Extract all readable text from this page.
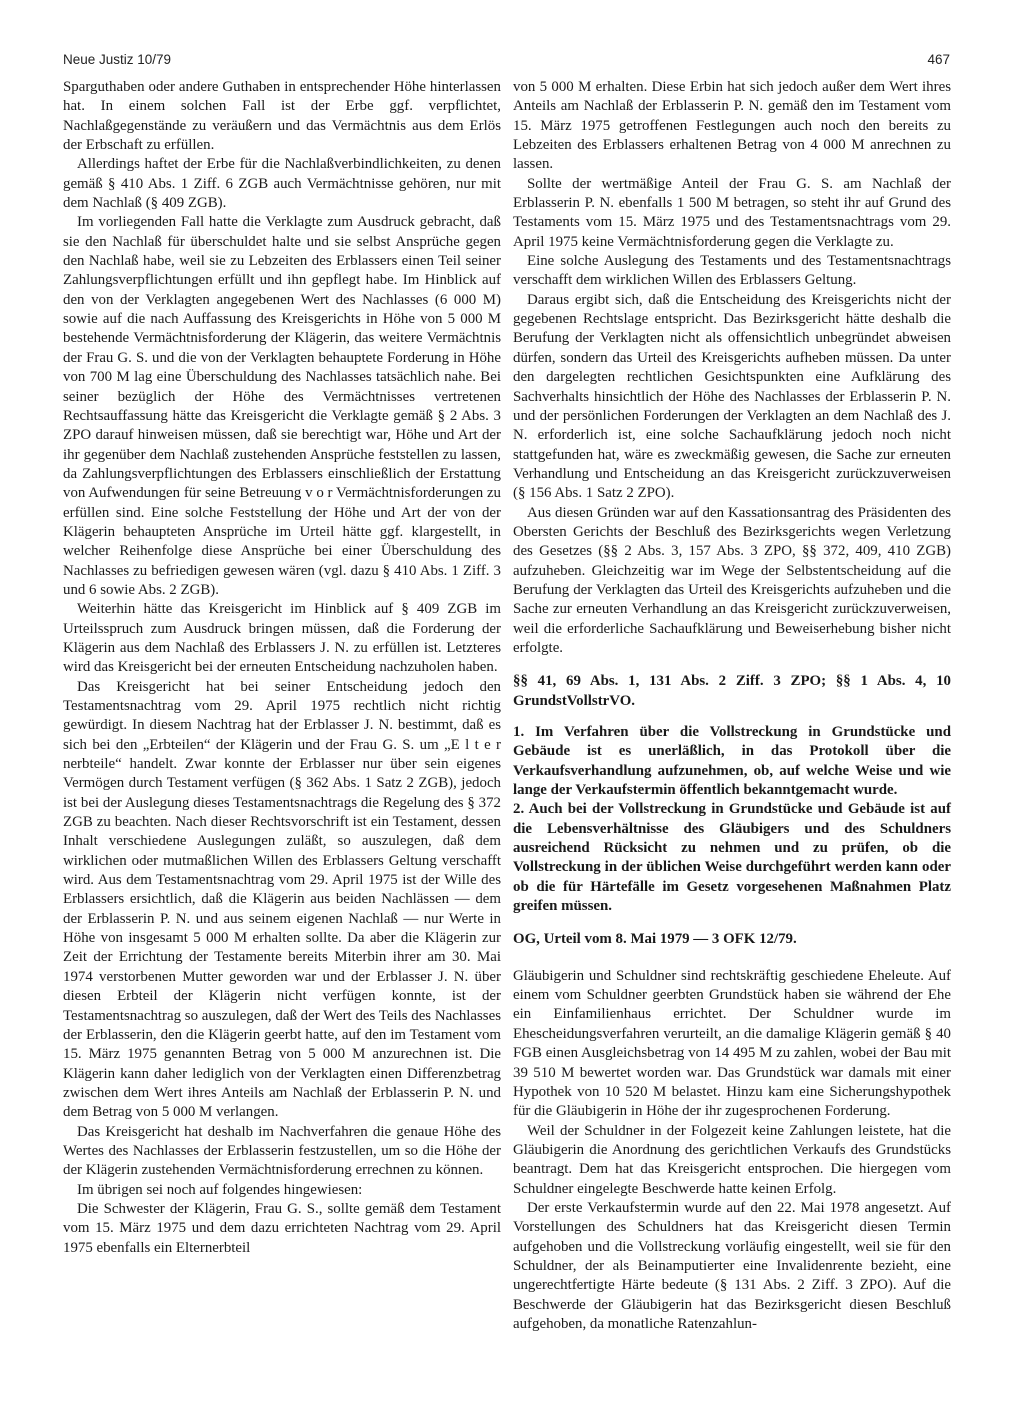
Neue Justiz 10/79	467

Sparguthaben oder andere Guthaben in entsprechender Höhe hinterlassen hat. In einem solchen Fall ist der Erbe ggf. verpflichtet, Nachlaßgegenstände zu veräußern und das Vermächtnis aus dem Erlös der Erbschaft zu erfüllen.

Allerdings haftet der Erbe für die Nachlaßverbindlichkeiten, zu denen gemäß § 410 Abs. 1 Ziff. 6 ZGB auch Vermächtnisse gehören, nur mit dem Nachlaß (§ 409 ZGB).

Im vorliegenden Fall hatte die Verklagte zum Ausdruck gebracht, daß sie den Nachlaß für überschuldet halte und sie selbst Ansprüche gegen den Nachlaß habe, weil sie zu Lebzeiten des Erblassers einen Teil seiner Zahlungsverpflichtungen erfüllt und ihn gepflegt habe. Im Hinblick auf den von der Verklagten angegebenen Wert des Nachlasses (6 000 M) sowie auf die nach Auffassung des Kreisgerichts in Höhe von 5 000 M bestehende Vermächtnisforderung der Klägerin, das weitere Vermächtnis der Frau G. S. und die von der Verklagten behauptete Forderung in Höhe von 700 M lag eine Überschuldung des Nachlasses tatsächlich nahe. Bei seiner bezüglich der Höhe des Vermächtnisses vertretenen Rechtsauffassung hätte das Kreisgericht die Verklagte gemäß § 2 Abs. 3 ZPO darauf hinweisen müssen, daß sie berechtigt war, Höhe und Art der ihr gegenüber dem Nachlaß zustehenden Ansprüche feststellen zu lassen, da Zahlungsverpflichtungen des Erblassers einschließlich der Erstattung von Aufwendungen für seine Betreuung v o r Vermächtnisforderungen zu erfüllen sind. Eine solche Feststellung der Höhe und Art der von der Klägerin behaupteten Ansprüche im Urteil hätte ggf. klargestellt, in welcher Reihenfolge diese Ansprüche bei einer Überschuldung des Nachlasses zu befriedigen gewesen wären (vgl. dazu § 410 Abs. 1 Ziff. 3 und 6 sowie Abs. 2 ZGB).

Weiterhin hätte das Kreisgericht im Hinblick auf § 409 ZGB im Urteilsspruch zum Ausdruck bringen müssen, daß die Forderung der Klägerin aus dem Nachlaß des Erblassers J. N. zu erfüllen ist. Letzteres wird das Kreisgericht bei der erneuten Entscheidung nachzuholen haben.

Das Kreisgericht hat bei seiner Entscheidung jedoch den Testamentsnachtrag vom 29. April 1975 rechtlich nicht richtig gewürdigt. In diesem Nachtrag hat der Erblasser J. N. bestimmt, daß es sich bei den „Erbteilen“ der Klägerin und der Frau G. S. um „E l t e r nerbteile“ handelt. Zwar konnte der Erblasser nur über sein eigenes Vermögen durch Testament verfügen (§ 362 Abs. 1 Satz 2 ZGB), jedoch ist bei der Auslegung dieses Testamentsnachtrags die Regelung des § 372 ZGB zu beachten. Nach dieser Rechtsvorschrift ist ein Testament, dessen Inhalt verschiedene Auslegungen zuläßt, so auszulegen, daß dem wirklichen oder mutmaßlichen Willen des Erblassers Geltung verschafft wird. Aus dem Testamentsnachtrag vom 29. April 1975 ist der Wille des Erblassers ersichtlich, daß die Klägerin aus beiden Nachlässen — dem der Erblasserin P. N. und aus seinem eigenen Nachlaß — nur Werte in Höhe von insgesamt 5 000 M erhalten sollte. Da aber die Klägerin zur Zeit der Errichtung der Testamente bereits Miterbin ihrer am 30. Mai 1974 verstorbenen Mutter geworden war und der Erblasser J. N. über diesen Erbteil der Klägerin nicht verfügen konnte, ist der Testamentsnachtrag so auszulegen, daß der Wert des Teils des Nachlasses der Erblasserin, den die Klägerin geerbt hatte, auf den im Testament vom 15. März 1975 genannten Betrag von 5 000 M anzurechnen ist. Die Klägerin kann daher lediglich von der Verklagten einen Differenzbetrag zwischen dem Wert ihres Anteils am Nachlaß der Erblasserin P. N. und dem Betrag von 5 000 M verlangen.

Das Kreisgericht hat deshalb im Nachverfahren die genaue Höhe des Wertes des Nachlasses der Erblasserin festzustellen, um so die Höhe der der Klägerin zustehenden Vermächtnisforderung errechnen zu können.

Im übrigen sei noch auf folgendes hingewiesen:

Die Schwester der Klägerin, Frau G. S., sollte gemäß dem Testament vom 15. März 1975 und dem dazu errichteten Nachtrag vom 29. April 1975 ebenfalls ein Elternerbteil

von 5 000 M erhalten. Diese Erbin hat sich jedoch außer dem Wert ihres Anteils am Nachlaß der Erblasserin P. N. gemäß den im Testament vom 15. März 1975 getroffenen Festlegungen auch noch den bereits zu Lebzeiten des Erblassers erhaltenen Betrag von 4 000 M anrechnen zu lassen.

Sollte der wertmäßige Anteil der Frau G. S. am Nachlaß der Erblasserin P. N. ebenfalls 1 500 M betragen, so steht ihr auf Grund des Testaments vom 15. März 1975 und des Testamentsnachtrags vom 29. April 1975 keine Vermächtnisforderung gegen die Verklagte zu.

Eine solche Auslegung des Testaments und des Testamentsnachtrags verschafft dem wirklichen Willen des Erblassers Geltung.

Daraus ergibt sich, daß die Entscheidung des Kreisgerichts nicht der gegebenen Rechtslage entspricht. Das Bezirksgericht hätte deshalb die Berufung der Verklagten nicht als offensichtlich unbegründet abweisen dürfen, sondern das Urteil des Kreisgerichts aufheben müssen. Da unter den dargelegten rechtlichen Gesichtspunkten eine Aufklärung des Sachverhalts hinsichtlich der Höhe des Nachlasses der Erblasserin P. N. und der persönlichen Forderungen der Verklagten an dem Nachlaß des J. N. erforderlich ist, eine solche Sachaufklärung jedoch noch nicht stattgefunden hat, wäre es zweckmäßig gewesen, die Sache zur erneuten Verhandlung und Entscheidung an das Kreisgericht zurückzuverweisen (§ 156 Abs. 1 Satz 2 ZPO).

Aus diesen Gründen war auf den Kassationsantrag des Präsidenten des Obersten Gerichts der Beschluß des Bezirksgerichts wegen Verletzung des Gesetzes (§§ 2 Abs. 3, 157 Abs. 3 ZPO, §§ 372, 409, 410 ZGB) aufzuheben. Gleichzeitig war im Wege der Selbstentscheidung auf die Berufung der Verklagten das Urteil des Kreisgerichts aufzuheben und die Sache zur erneuten Verhandlung an das Kreisgericht zurückzuverweisen, weil die erforderliche Sachaufklärung und Beweiserhebung bisher nicht erfolgte.

§§ 41, 69 Abs. 1, 131 Abs. 2 Ziff. 3 ZPO; §§ 1 Abs. 4, 10 GrundstVollstrVO.

1. Im Verfahren über die Vollstreckung in Grundstücke und Gebäude ist es unerläßlich, in das Protokoll über die Verkaufsverhandlung aufzunehmen, ob, auf welche Weise und wie lange der Verkaufstermin öffentlich bekanntgemacht wurde.

2. Auch bei der Vollstreckung in Grundstücke und Gebäude ist auf die Lebensverhältnisse des Gläubigers und des Schuldners ausreichend Rücksicht zu nehmen und zu prüfen, ob die Vollstreckung in der üblichen Weise durchgeführt werden kann oder ob die für Härtefälle im Gesetz vorgesehenen Maßnahmen Platz greifen müssen.

OG, Urteil vom 8. Mai 1979 — 3 OFK 12/79.

Gläubigerin und Schuldner sind rechtskräftig geschiedene Eheleute. Auf einem vom Schuldner geerbten Grundstück haben sie während der Ehe ein Einfamilienhaus errichtet. Der Schuldner wurde im Ehescheidungsverfahren verurteilt, an die damalige Klägerin gemäß § 40 FGB einen Ausgleichsbetrag von 14 495 M zu zahlen, wobei der Bau mit 39 510 M bewertet worden war. Das Grundstück war damals mit einer Hypothek von 10 520 M belastet. Hinzu kam eine Sicherungshypothek für die Gläubigerin in Höhe der ihr zugesprochenen Forderung.

Weil der Schuldner in der Folgezeit keine Zahlungen leistete, hat die Gläubigerin die Anordnung des gerichtlichen Verkaufs des Grundstücks beantragt. Dem hat das Kreisgericht entsprochen. Die hiergegen vom Schuldner eingelegte Beschwerde hatte keinen Erfolg.

Der erste Verkaufstermin wurde auf den 22. Mai 1978 angesetzt. Auf Vorstellungen des Schuldners hat das Kreisgericht diesen Termin aufgehoben und die Vollstreckung vorläufig eingestellt, weil sie für den Schuldner, der als Beinamputierter eine Invalidenrente bezieht, eine ungerechtfertigte Härte bedeute (§ 131 Abs. 2 Ziff. 3 ZPO). Auf die Beschwerde der Gläubigerin hat das Bezirksgericht diesen Beschluß aufgehoben, da monatliche Ratenzahlun-
